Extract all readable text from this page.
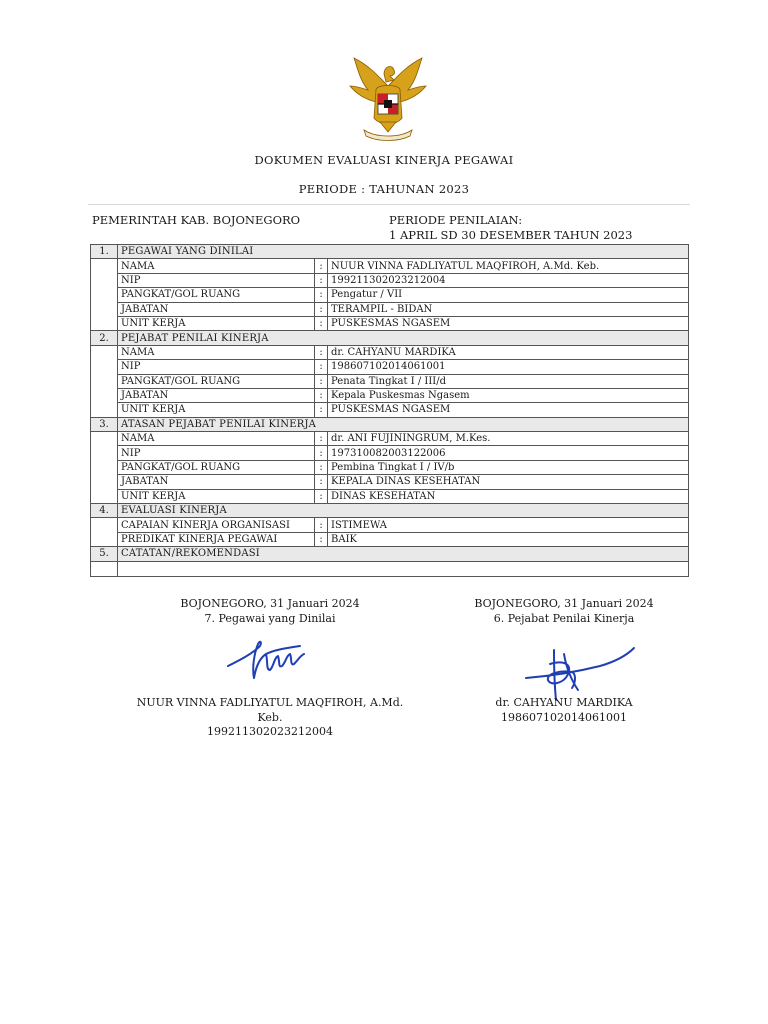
DOKUMEN EVALUASI KINERJA PEGAWAI
PERIODE : TAHUNAN 2023
PEMERINTAH KAB. BOJONEGORO	PERIODE PENILAIAN:
1 APRIL SD 30 DESEMBER TAHUN 2023
1.	PEGAWAI YANG DINILAI		
	NAMA	:	NUUR VINNA FADLIYATUL MAQFIROH, A.Md. Keb.
	NIP	:	199211302023212004
	PANGKAT/GOL RUANG	:	Pengatur / VII
	JABATAN	:	TERAMPIL - BIDAN
	UNIT KERJA	:	PUSKESMAS NGASEM
2.	PEJABAT PENILAI KINERJA		
	NAMA	:	dr. CAHYANU MARDIKA
	NIP	:	198607102014061001
	PANGKAT/GOL RUANG	:	Penata Tingkat I / III/d
	JABATAN	:	Kepala Puskesmas Ngasem
	UNIT KERJA	:	PUSKESMAS NGASEM
3.	ATASAN PEJABAT PENILAI KINERJA		
	NAMA	:	dr. ANI FUJININGRUM, M.Kes.
	NIP	:	197310082003122006
	PANGKAT/GOL RUANG	:	Pembina Tingkat I / IV/b
	JABATAN	:	KEPALA DINAS KESEHATAN
	UNIT KERJA	:	DINAS KESEHATAN
4.	EVALUASI KINERJA		
	CAPAIAN KINERJA ORGANISASI	:	ISTIMEWA
	PREDIKAT KINERJA PEGAWAI	:	BAIK
5.	CATATAN/REKOMENDASI		

BOJONEGORO, 31 Januari 2024
7. Pegawai yang Dinilai
BOJONEGORO, 31 Januari 2024
6. Pejabat Penilai Kinerja
NUUR VINNA FADLIYATUL MAQFIROH, A.Md. Keb.
199211302023212004
dr. CAHYANU MARDIKA
198607102014061001
